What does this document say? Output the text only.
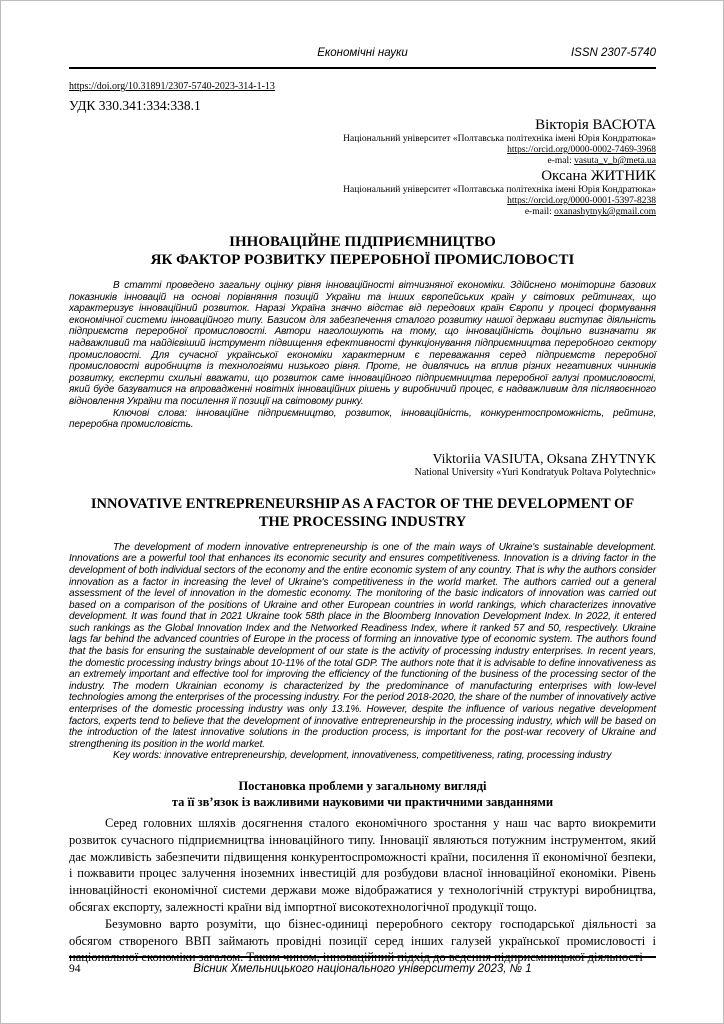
Економічні науки	ISSN 2307-5740
https://doi.org/10.31891/2307-5740-2023-314-1-13
УДК 330.341:334:338.1
Вікторія ВАСЮТА
Національний університет «Полтавська політехніка імені Юрія Кондратюка»
https://orcid.org/0000-0002-7469-3968
e-mal: vasuta_v_b@meta.ua
Оксана ЖИТНИК
Національний університет «Полтавська політехніка імені Юрія Кондратюка»
https://orcid.org/0000-0001-5397-8238
e-mail: oxanashytnyk@gmail.com
ІННОВАЦІЙНЕ ПІДПРИЄМНИЦТВО
ЯК ФАКТОР РОЗВИТКУ ПЕРЕРОБНОЇ ПРОМИСЛОВОСТІ

В статті проведено загальну оцінку рівня інноваційності вітчизняної економіки. Здійснено моніторинг базових показників інновацій на основі порівняння позицій України та інших європейських країн у світових рейтингах, що характеризує інноваційний розвиток. Наразі Україна значно відстає від передових країн Європи у процесі формування економічної системи інноваційного типу. Базисом для забезпечення сталого розвитку нашої держави виступає діяльність підприємств переробної промисловості. Автори наголошують на тому, що інноваційність доцільно визначати як надважливий та найдієвіший інструмент підвищення ефективності функціонування підприємництва переробного сектору промисловості. Для сучасної української економіки характерним є переважання серед підприємств переробної промисловості виробництв із технологіями низького рівня. Проте, не дивлячись на вплив різних негативних чинників розвитку, експерти схильні вважати, що розвиток саме інноваційного підприємництва переробної галузі промисловості, який буде базуватися на впровадженні новітніх інноваційних рішень у виробничий процес, є надважливим для післявоєнного відновлення України та посилення її позиції на світовому ринку.

Ключові слова: інноваційне підприємництво, розвиток, інноваційність, конкурентоспроможність, рейтинг, переробна промисловість.

Viktoriia VASIUTA, Oksana ZHYTNYK
National University «Yuri Kondratyuk Poltava Polytechnic»
INNOVATIVE ENTREPRENEURSHIP AS A FACTOR OF THE DEVELOPMENT OF
THE PROCESSING INDUSTRY

The development of modern innovative entrepreneurship is one of the main ways of Ukraine's sustainable development. Innovations are a powerful tool that enhances its economic security and ensures competitiveness. Innovation is a driving factor in the development of both individual sectors of the economy and the entire economic system of any country. That is why the authors consider innovation as a factor in increasing the level of Ukraine's competitiveness in the world market. The authors carried out a general assessment of the level of innovation in the domestic economy. The monitoring of the basic indicators of innovation was carried out based on a comparison of the positions of Ukraine and other European countries in world rankings, which characterizes innovative development. It was found that in 2021 Ukraine took 58th place in the Bloomberg Innovation Development Index. In 2022, it entered such rankings as the Global Innovation Index and the Networked Readiness Index, where it ranked 57 and 50, respectively. Ukraine lags far behind the advanced countries of Europe in the process of forming an innovative type of economic system. The authors found that the basis for ensuring the sustainable development of our state is the activity of processing industry enterprises. In recent years, the domestic processing industry brings about 10-11% of the total GDP. The authors note that it is advisable to define innovativeness as an extremely important and effective tool for improving the efficiency of the functioning of the business of the processing sector of the industry. The modern Ukrainian economy is characterized by the predominance of manufacturing enterprises with low-level technologies among the enterprises of the processing industry. For the period 2018-2020, the share of the number of innovatively active enterprises of the domestic processing industry was only 13.1%. However, despite the influence of various negative development factors, experts tend to believe that the development of innovative entrepreneurship in the processing industry, which will be based on the introduction of the latest innovative solutions in the production process, is important for the post-war recovery of Ukraine and strengthening its position in the world market.

Key words: innovative entrepreneurship, development, innovativeness, competitiveness, rating, processing industry

Постановка проблеми у загальному вигляді
та її зв’язок із важливими науковими чи практичними завданнями

Серед головних шляхів досягнення сталого економічного зростання у наш час варто виокремити розвиток сучасного підприємництва інноваційного типу. Інновації являються потужним інструментом, який дає можливість забезпечити підвищення конкурентоспроможності країни, посилення її економічної безпеки, і пожвавити процес залучення іноземних інвестицій для розбудови власної інноваційної економіки. Рівень інноваційності економічної системи держави може відображатися у технологічній структурі виробництва, обсягах експорту, залежності країни від імпортної високотехнологічної продукції тощо.

Безумовно варто розуміти, що бізнес-одиниці переробного сектору господарської діяльності за обсягом створеного ВВП займають провідні позиції серед інших галузей української промисловості і національної економіки загалом. Таким чином, інноваційний підхід до ведення підприємницької діяльності

Вісник Хмельницького національного університету 2023, № 1
94
